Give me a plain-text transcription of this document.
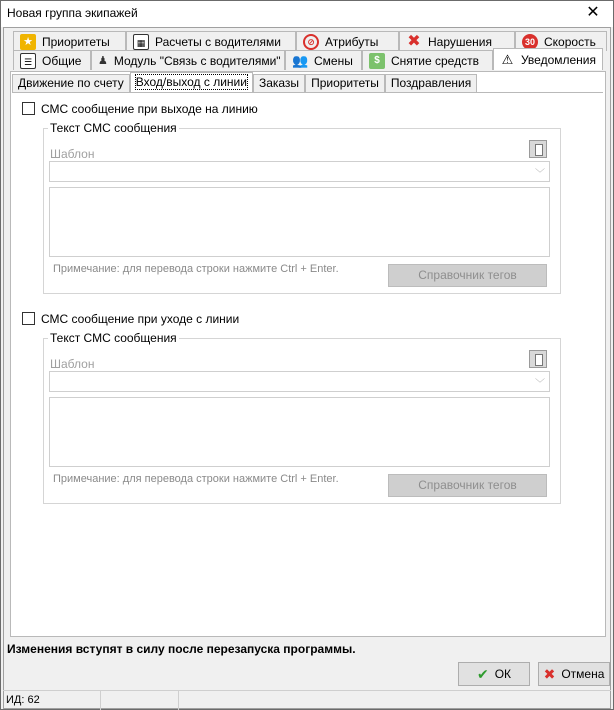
Новая группа экипажей	✕
★ Приоритеты	▦ Расчеты с водителями	⊘ Атрибуты ✖ Нарушения	30 Скорость
☰ Общие ♟ Модуль "Связь с водителями" 👥 Смены	$ Снятие средств ⚠ Уведомления
Движение по счету	Вход/выход с линии	Заказы	Приоритеты	Поздравления
СМС сообщение при выходе на линию
Текст СМС сообщения
Шаблон
﹀
Примечание: для перевода строки нажмите Ctrl + Enter.	Справочник тегов
СМС сообщение при уходе с линии
Текст СМС сообщения
Шаблон
﹀
Примечание: для перевода строки нажмите Ctrl + Enter.	Справочник тегов
Изменения вступят в силу после перезапуска программы.
✔ ОК ✖ Отмена
ИД: 62
